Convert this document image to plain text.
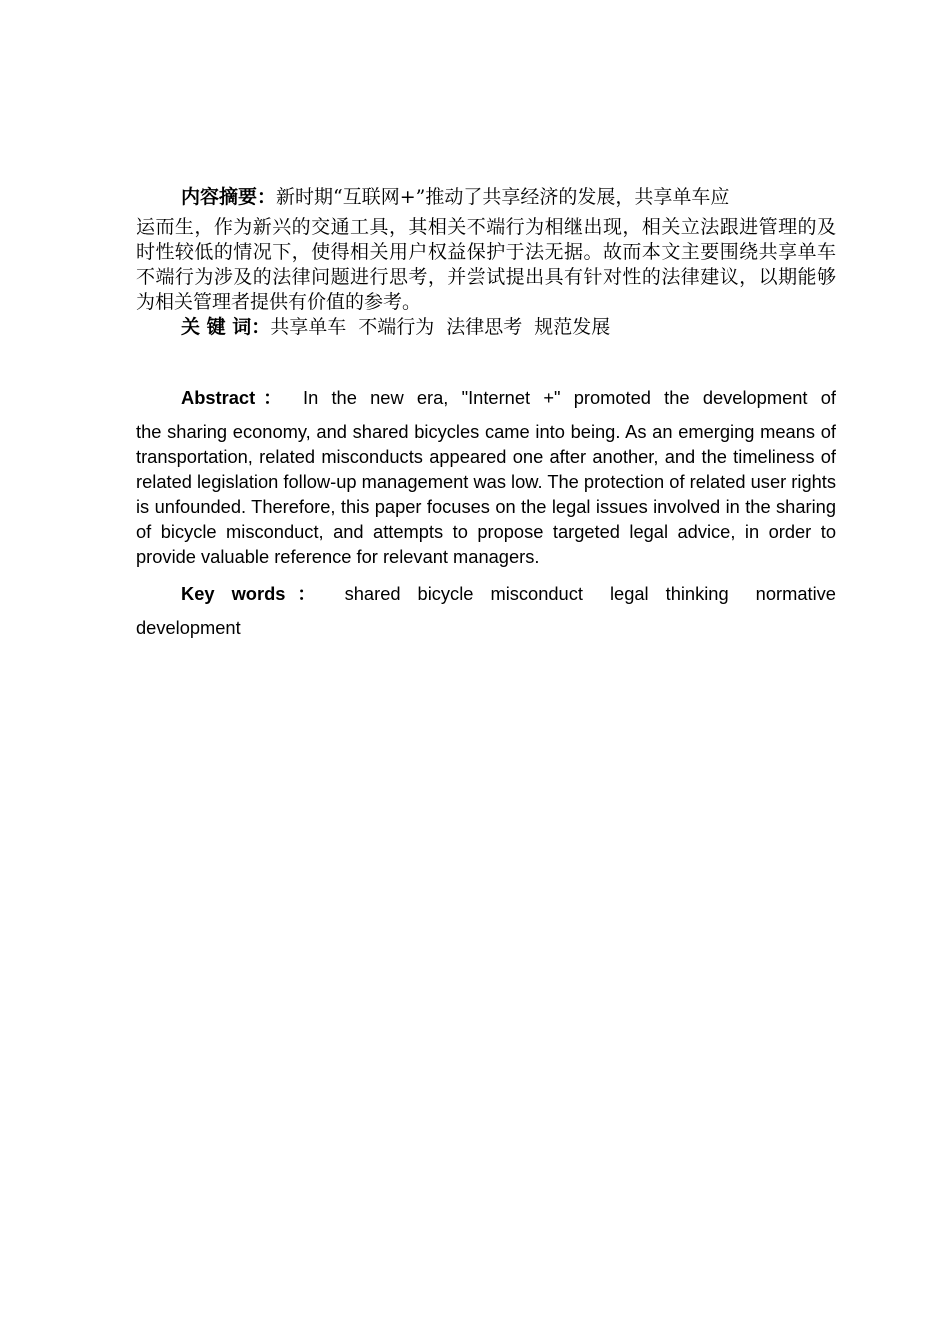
内容摘要：新时期“互联网+”推动了共享经济的发展，共享单车应
运而生，作为新兴的交通工具，其相关不端行为相继出现，相关立法跟进管理的及时性较低的情况下，使得相关用户权益保护于法无据。故而本文主要围绕共享单车不端行为涉及的法律问题进行思考，并尝试提出具有针对性的法律建议，以期能够为相关管理者提供有价值的参考。
关 键 词：共享单车 不端行为 法律思考 规范发展
Abstract： In the new era, "Internet +" promoted the development of
the sharing economy, and shared bicycles came into being. As an emerging means of transportation, related misconducts appeared one after another, and the timeliness of related legislation follow-up management was low. The protection of related user rights is unfounded. Therefore, this paper focuses on the legal issues involved in the sharing of bicycle misconduct, and attempts to propose targeted legal advice, in order to provide valuable reference for relevant managers.
Key words： shared bicycle misconduct legal thinking normative
development
